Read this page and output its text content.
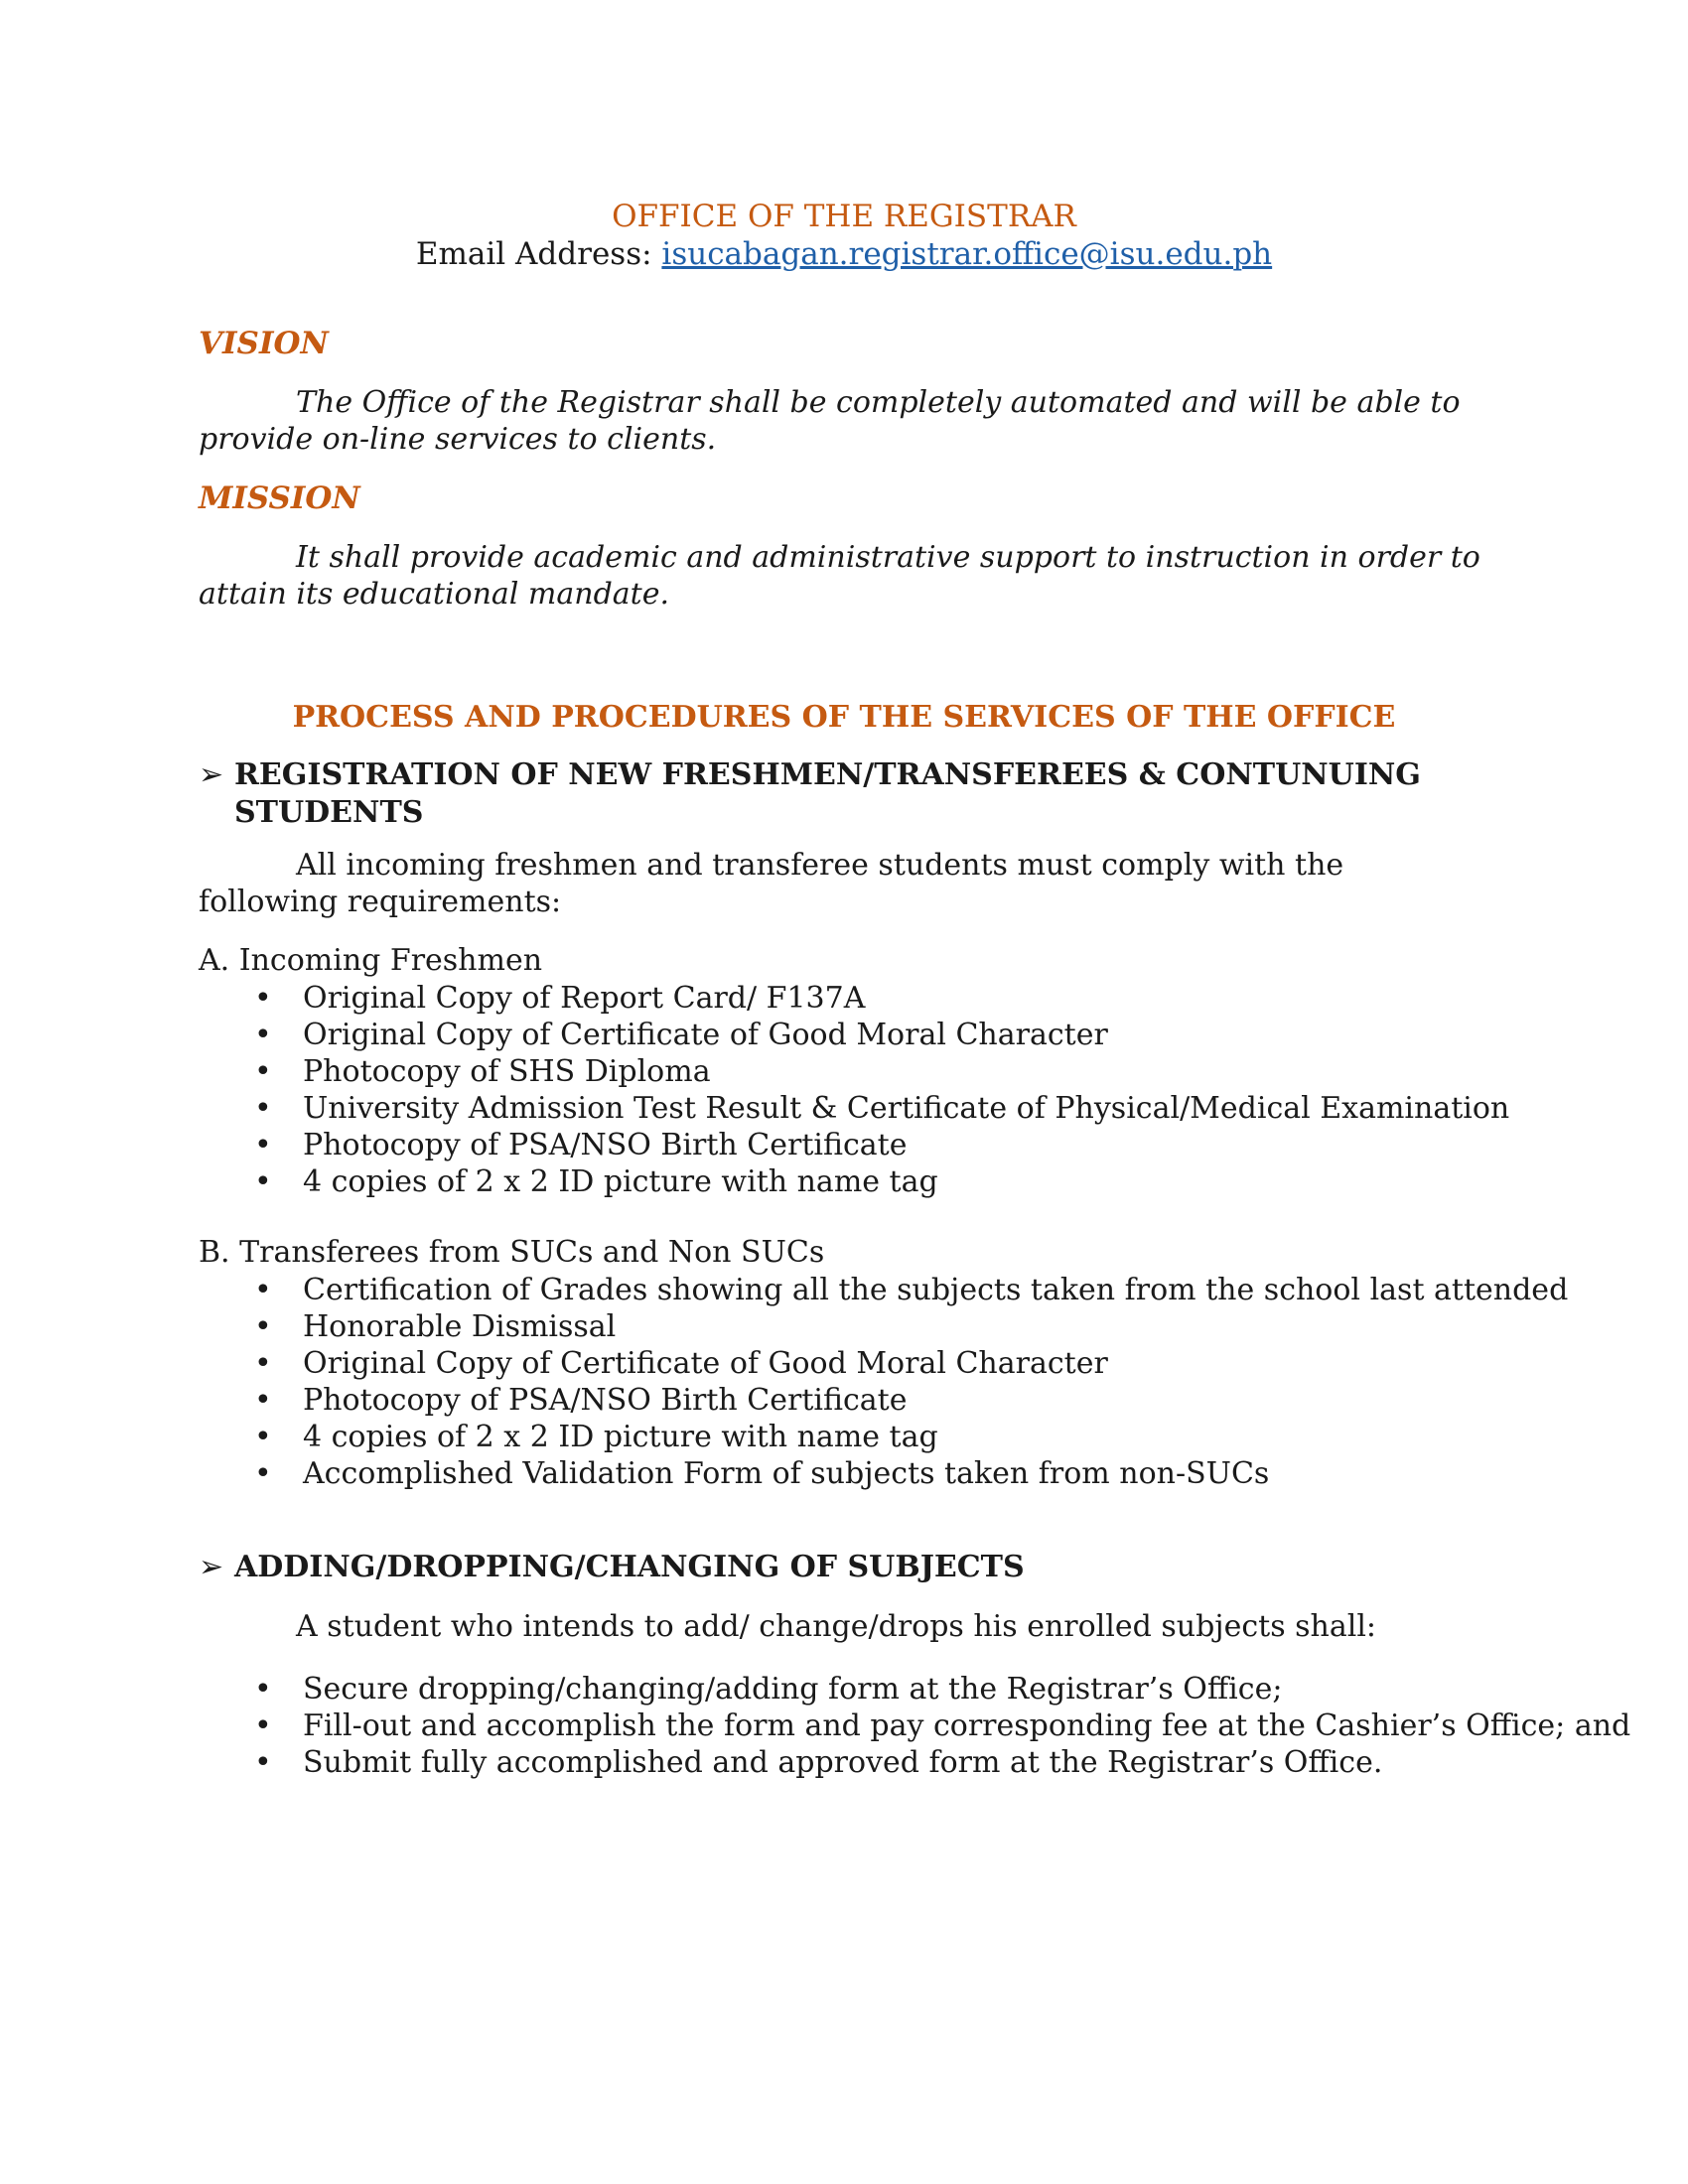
OFFICE OF THE REGISTRAR
Email Address: isucabagan.registrar.office@isu.edu.ph
VISION
The Office of the Registrar shall be completely automated and will be able to provide on-line services to clients.
MISSION
It shall provide academic and administrative support to instruction in order to attain its educational mandate.
PROCESS AND PROCEDURES OF THE SERVICES OF THE OFFICE
➢ REGISTRATION OF NEW FRESHMEN/TRANSFEREES & CONTUNUING STUDENTS
All incoming freshmen and transferee students must comply with the following requirements:
A. Incoming Freshmen
• Original Copy of Report Card/ F137A
• Original Copy of Certificate of Good Moral Character
• Photocopy of SHS Diploma
• University Admission Test Result & Certificate of Physical/Medical Examination
• Photocopy of PSA/NSO Birth Certificate
• 4 copies of 2 x 2 ID picture with name tag
B. Transferees from SUCs and Non SUCs
• Certification of Grades showing all the subjects taken from the school last attended
• Honorable Dismissal
• Original Copy of Certificate of Good Moral Character
• Photocopy of PSA/NSO Birth Certificate
• 4 copies of 2 x 2 ID picture with name tag
• Accomplished Validation Form of subjects taken from non-SUCs
➢ ADDING/DROPPING/CHANGING OF SUBJECTS
A student who intends to add/ change/drops his enrolled subjects shall:
• Secure dropping/changing/adding form at the Registrar’s Office;
• Fill-out and accomplish the form and pay corresponding fee at the Cashier’s Office; and
• Submit fully accomplished and approved form at the Registrar’s Office.
